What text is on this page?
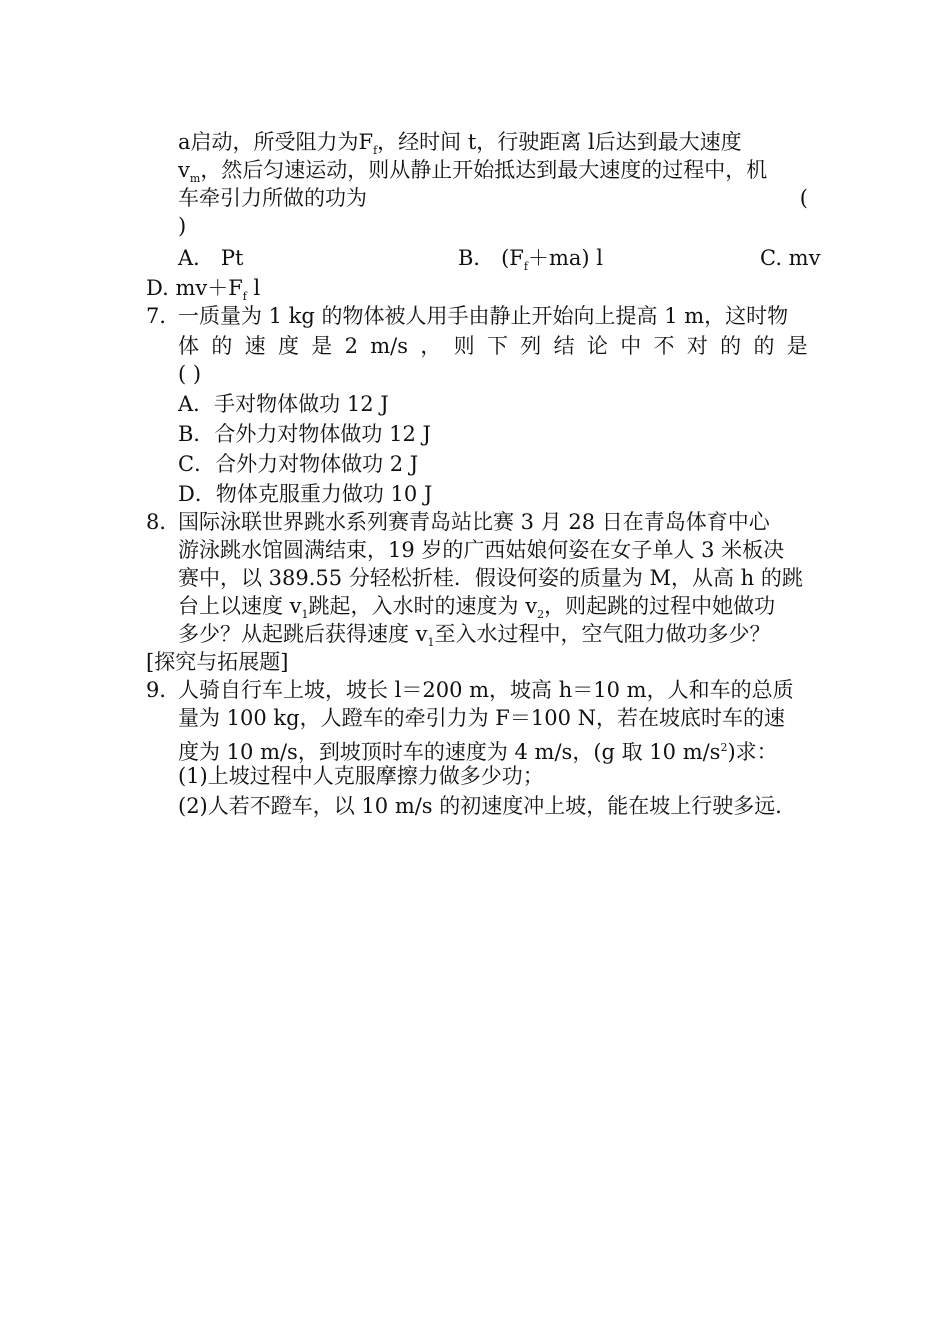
a启动，所受阻力为$F_f$，经时间 t，行驶距离 l后达到最大速度
$v_m$，然后匀速运动，则从静止开始抵达到最大速度的过程中，机
车牵引力所做的功为	(
)
A． Pt	B． $(F_f+ma)$ l	C. mv
D. $mv+F_f$ l
7．
一质量为 1 kg 的物体被人用手由静止开始向上提高 1 m，这时物
体 的 速 度 是 2 m/s ， 则 下 列 结 论 中 不 对 的 的 是
( )
A．手对物体做功 12 J
B．合外力对物体做功 12 J
C．合外力对物体做功 2 J
D．物体克服重力做功 10 J
8．
国际泳联世界跳水系列赛青岛站比赛 3 月 28 日在青岛体育中心
游泳跳水馆圆满结束，19 岁的广西姑娘何姿在女子单人 3 米板决
赛中，以 389.55 分轻松折桂．假设何姿的质量为 M，从高 h 的跳
台上以速度 $v_1$跳起，入水时的速度为 $v_2$，则起跳的过程中她做功
多少？从起跳后获得速度 $v_1$至入水过程中，空气阻力做功多少？
[探究与拓展题]
9．
人骑自行车上坡，坡长 l＝200 m，坡高 h＝10 m，人和车的总质
量为 100 kg，人蹬车的牵引力为 F＝100 N，若在坡底时车的速
度为 10 m/s，到坡顶时车的速度为 4 m/s，(g 取 10 $m/s^2$)求：
(1)上坡过程中人克服摩擦力做多少功；
(2)人若不蹬车，以 10 m/s 的初速度冲上坡，能在坡上行驶多远．
